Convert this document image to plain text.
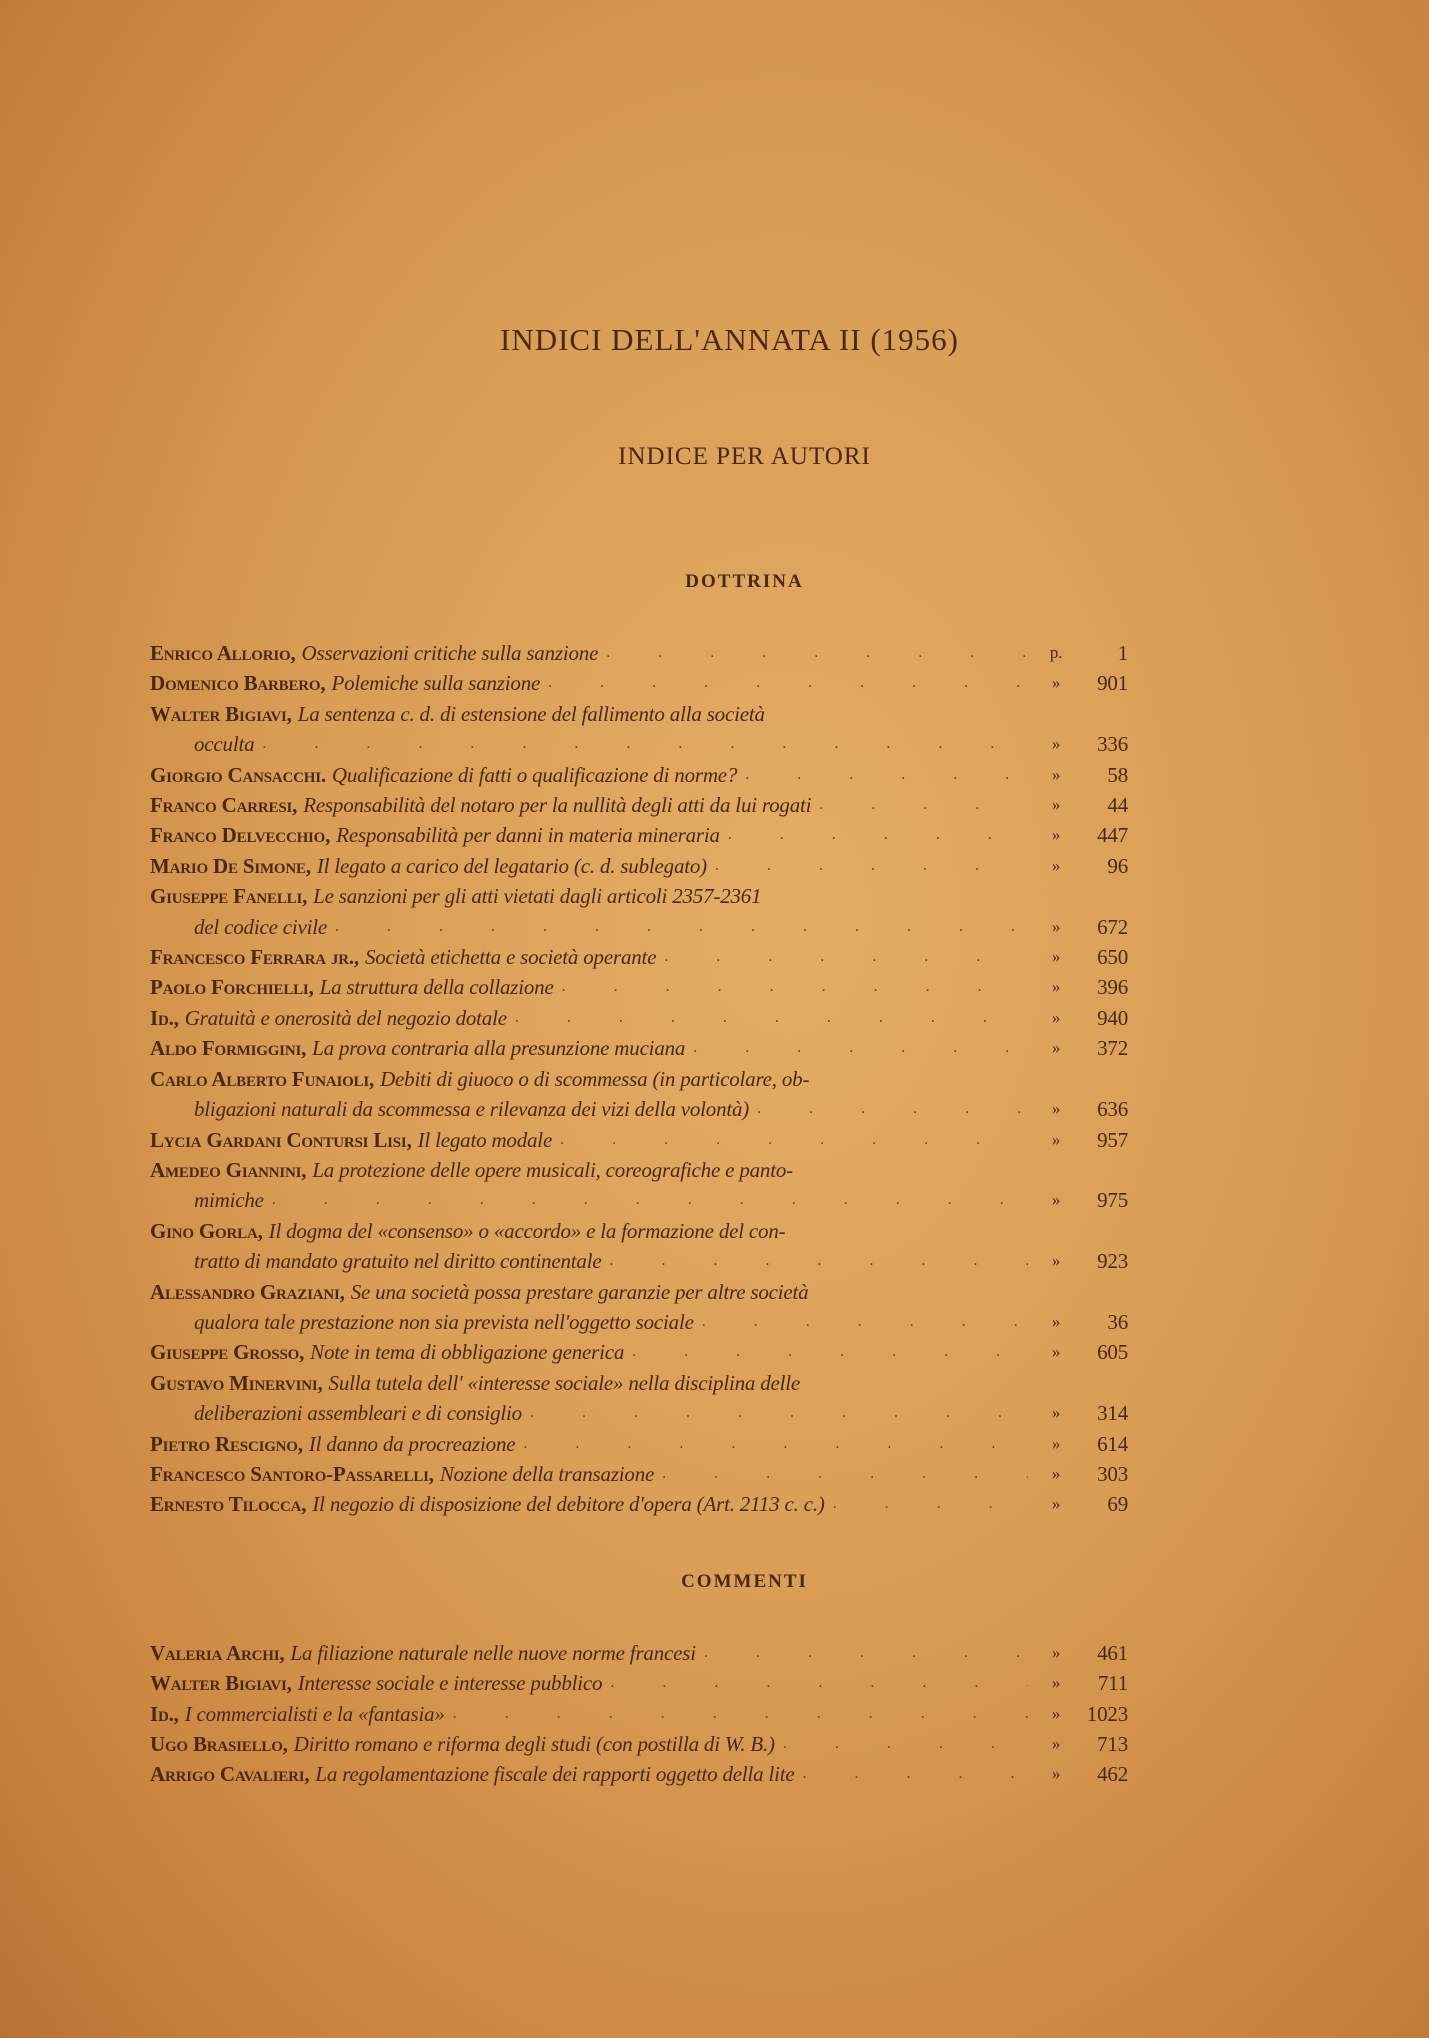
INDICI DELL'ANNATA II (1956)
INDICE PER AUTORI
DOTTRINA
Enrico Allorio, Osservazioni critiche sulla sanzione . . .	p.	1
Domenico Barbero, Polemiche sulla sanzione . . .	»	901
Walter Bigiavi, La sentenza c. d. di estensione del fallimento alla società
occulta . . .	»	336
Giorgio Cansacchi. Qualificazione di fatti o qualificazione di norme? . . .	»	58
Franco Carresi, Responsabilità del notaro per la nullità degli atti da lui rogati . . .	»	44
Franco Delvecchio, Responsabilità per danni in materia mineraria . . .	»	447
Mario De Simone, Il legato a carico del legatario (c. d. sublegato) . . .	»	96
Giuseppe Fanelli, Le sanzioni per gli atti vietati dagli articoli 2357-2361
del codice civile . . .	»	672
Francesco Ferrara jr., Società etichetta e società operante . . .	»	650
Paolo Forchielli, La struttura della collazione . . .	»	396
Id., Gratuità e onerosità del negozio dotale . . .	»	940
Aldo Formiggini, La prova contraria alla presunzione muciana . . .	»	372
Carlo Alberto Funaioli, Debiti di giuoco o di scommessa (in particolare, ob-
bligazioni naturali da scommessa e rilevanza dei vizi della volontà) . . .	»	636
Lycia Gardani Contursi Lisi, Il legato modale . . .	»	957
Amedeo Giannini, La protezione delle opere musicali, coreografiche e panto-
mimiche . . .	»	975
Gino Gorla, Il dogma del «consenso» o «accordo» e la formazione del con-
tratto di mandato gratuito nel diritto continentale . . .	»	923
Alessandro Graziani, Se una società possa prestare garanzie per altre società
qualora tale prestazione non sia prevista nell'oggetto sociale . . .	»	36
Giuseppe Grosso, Note in tema di obbligazione generica . . .	»	605
Gustavo Minervini, Sulla tutela dell' «interesse sociale» nella disciplina delle
deliberazioni assembleari e di consiglio . . .	»	314
Pietro Rescigno, Il danno da procreazione . . .	»	614
Francesco Santoro-Passarelli, Nozione della transazione . . .	»	303
Ernesto Tilocca, Il negozio di disposizione del debitore d'opera (Art. 2113 c. c.) . . .	»	69
COMMENTI
Valeria Archi, La filiazione naturale nelle nuove norme francesi . . .	»	461
Walter Bigiavi, Interesse sociale e interesse pubblico . . .	»	711
Id., I commercialisti e la «fantasia» . . .	»	1023
Ugo Brasiello, Diritto romano e riforma degli studi (con postilla di W. B.) . . .	»	713
Arrigo Cavalieri, La regolamentazione fiscale dei rapporti oggetto della lite . . .	»	462
